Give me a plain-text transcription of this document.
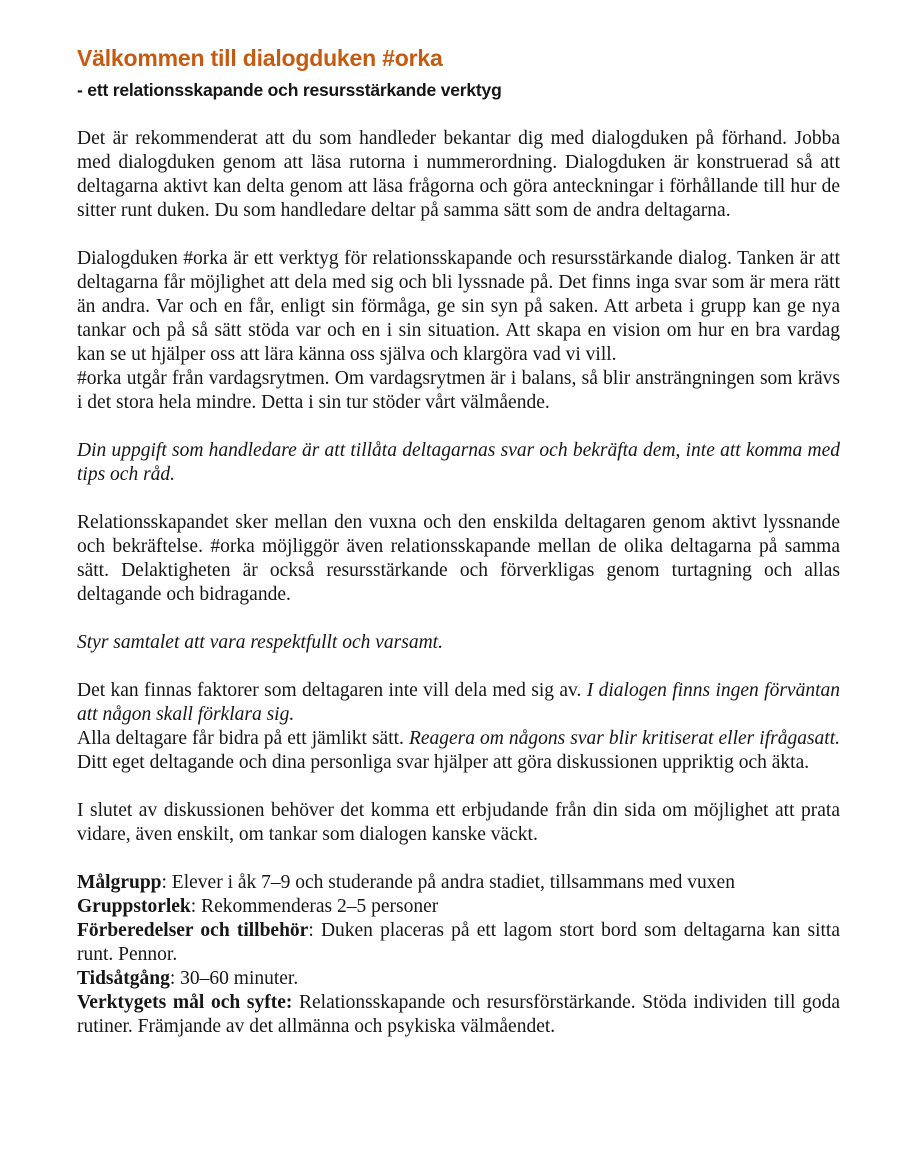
Välkommen till dialogduken #orka
- ett relationsskapande och resursstärkande verktyg

Det är rekommenderat att du som handleder bekantar dig med dialogduken på förhand. Jobba med dialogduken genom att läsa rutorna i nummerordning. Dialogduken är konstruerad så att deltagarna aktivt kan delta genom att läsa frågorna och göra anteckningar i förhållande till hur de sitter runt duken. Du som handledare deltar på samma sätt som de andra deltagarna.

Dialogduken #orka är ett verktyg för relationsskapande och resursstärkande dialog. Tanken är att deltagarna får möjlighet att dela med sig och bli lyssnade på. Det finns inga svar som är mera rätt än andra. Var och en får, enligt sin förmåga, ge sin syn på saken. Att arbeta i grupp kan ge nya tankar och på så sätt stöda var och en i sin situation. Att skapa en vision om hur en bra vardag kan se ut hjälper oss att lära känna oss själva och klargöra vad vi vill.
#orka utgår från vardagsrytmen. Om vardagsrytmen är i balans, så blir ansträngningen som krävs i det stora hela mindre. Detta i sin tur stöder vårt välmående.

Din uppgift som handledare är att tillåta deltagarnas svar och bekräfta dem, inte att komma med tips och råd.

Relationsskapandet sker mellan den vuxna och den enskilda deltagaren genom aktivt lyssnande och bekräftelse. #orka möjliggör även relationsskapande mellan de olika deltagarna på samma sätt. Delaktigheten är också resursstärkande och förverkligas genom turtagning och allas deltagande och bidragande.

Styr samtalet att vara respektfullt och varsamt.

Det kan finnas faktorer som deltagaren inte vill dela med sig av. I dialogen finns ingen förväntan att någon skall förklara sig.
Alla deltagare får bidra på ett jämlikt sätt. Reagera om någons svar blir kritiserat eller ifrågasatt. Ditt eget deltagande och dina personliga svar hjälper att göra diskussionen uppriktig och äkta.

I slutet av diskussionen behöver det komma ett erbjudande från din sida om möjlighet att prata vidare, även enskilt, om tankar som dialogen kanske väckt.

Målgrupp: Elever i åk 7–9 och studerande på andra stadiet, tillsammans med vuxen

Gruppstorlek: Rekommenderas 2–5 personer

Förberedelser och tillbehör: Duken placeras på ett lagom stort bord som deltagarna kan sitta runt. Pennor.

Tidsåtgång: 30–60 minuter.

Verktygets mål och syfte: Relationsskapande och resursförstärkande. Stöda individen till goda rutiner. Främjande av det allmänna och psykiska välmåendet.
